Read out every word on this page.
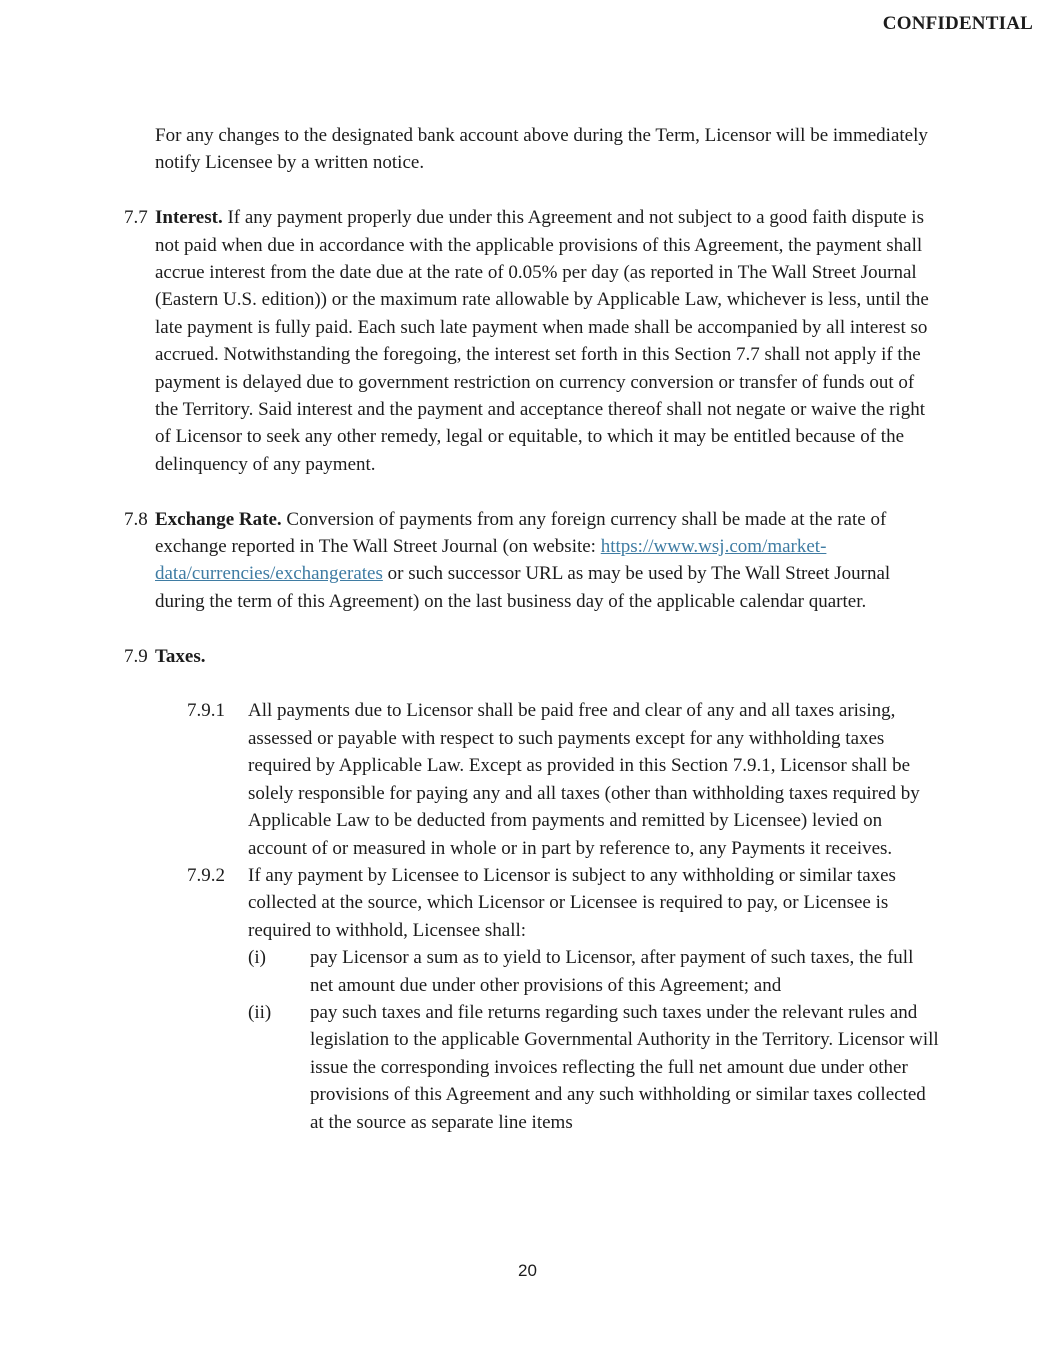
CONFIDENTIAL

For any changes to the designated bank account above during the Term, Licensor will be immediately notify Licensee by a written notice.

7.7 Interest. If any payment properly due under this Agreement and not subject to a good faith dispute is not paid when due in accordance with the applicable provisions of this Agreement, the payment shall accrue interest from the date due at the rate of 0.05% per day (as reported in The Wall Street Journal (Eastern U.S. edition)) or the maximum rate allowable by Applicable Law, whichever is less, until the late payment is fully paid. Each such late payment when made shall be accompanied by all interest so accrued. Notwithstanding the foregoing, the interest set forth in this Section 7.7 shall not apply if the payment is delayed due to government restriction on currency conversion or transfer of funds out of the Territory. Said interest and the payment and acceptance thereof shall not negate or waive the right of Licensor to seek any other remedy, legal or equitable, to which it may be entitled because of the delinquency of any payment.

7.8 Exchange Rate. Conversion of payments from any foreign currency shall be made at the rate of exchange reported in The Wall Street Journal (on website: https://www.wsj.com/market-data/currencies/exchangerates or such successor URL as may be used by The Wall Street Journal during the term of this Agreement) on the last business day of the applicable calendar quarter.

7.9 Taxes.

7.9.1 All payments due to Licensor shall be paid free and clear of any and all taxes arising, assessed or payable with respect to such payments except for any withholding taxes required by Applicable Law. Except as provided in this Section 7.9.1, Licensor shall be solely responsible for paying any and all taxes (other than withholding taxes required by Applicable Law to be deducted from payments and remitted by Licensee) levied on account of or measured in whole or in part by reference to, any Payments it receives.

7.9.2 If any payment by Licensee to Licensor is subject to any withholding or similar taxes collected at the source, which Licensor or Licensee is required to pay, or Licensee is required to withhold, Licensee shall:

(i) pay Licensor a sum as to yield to Licensor, after payment of such taxes, the full net amount due under other provisions of this Agreement; and

(ii) pay such taxes and file returns regarding such taxes under the relevant rules and legislation to the applicable Governmental Authority in the Territory. Licensor will issue the corresponding invoices reflecting the full net amount due under other provisions of this Agreement and any such withholding or similar taxes collected at the source as separate line items

20
